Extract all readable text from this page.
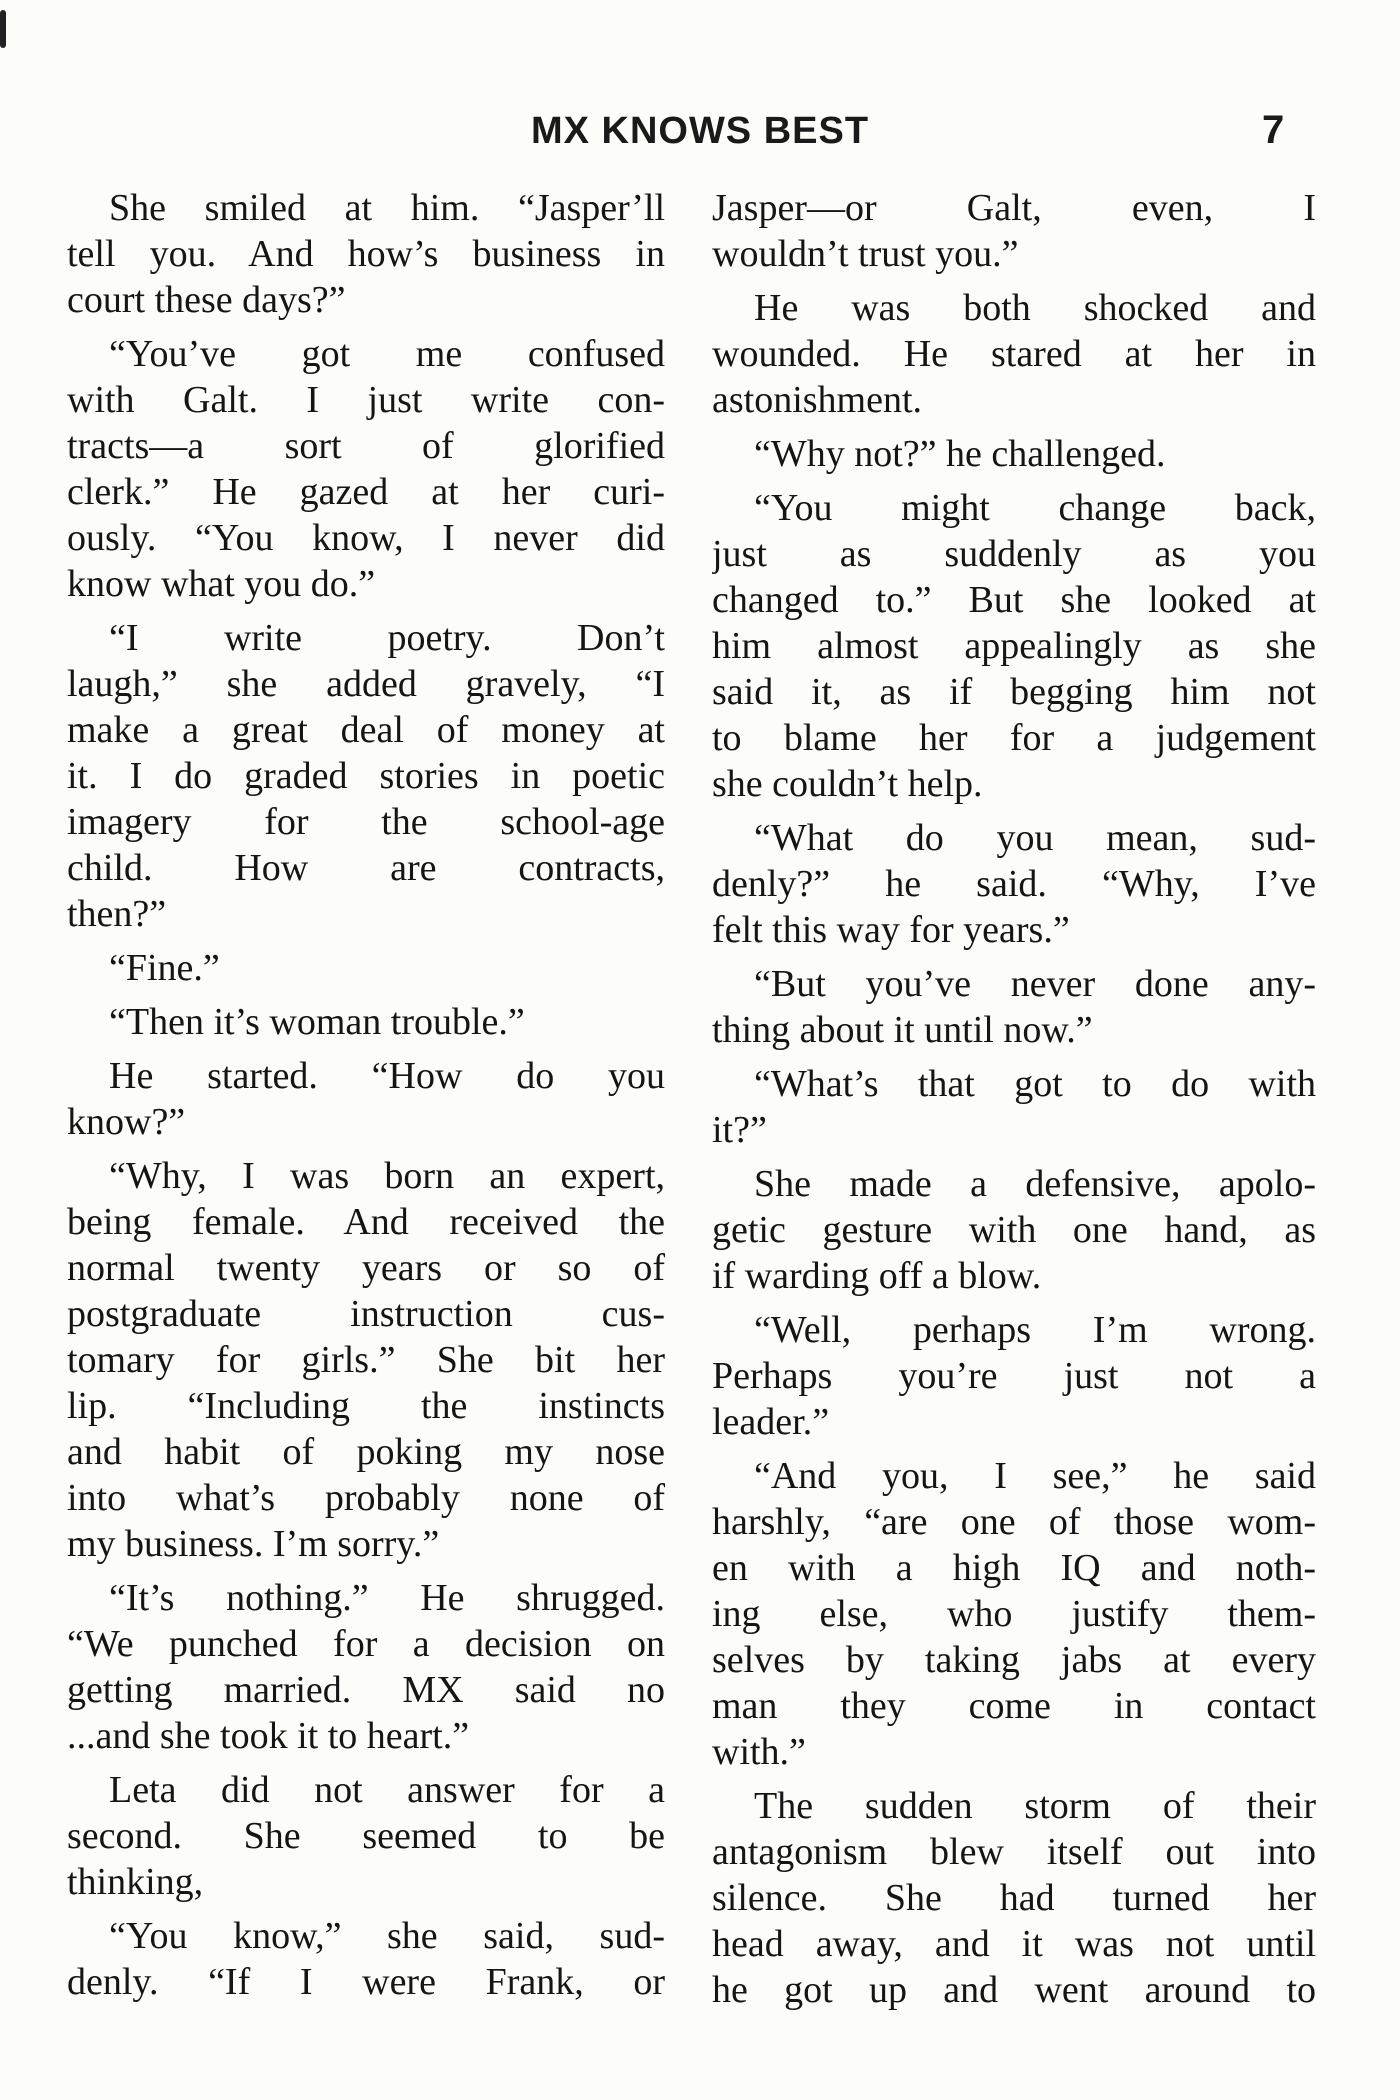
MX KNOWS BEST	7
She smiled at him. “Jasper’ll
tell you. And how’s business in
court these days?”
“You’ve got me confused
with Galt. I just write con-
tracts—a sort of glorified
clerk.” He gazed at her curi-
ously. “You know, I never did
know what you do.”
“I write poetry. Don’t
laugh,” she added gravely, “I
make a great deal of money at
it. I do graded stories in poetic
imagery for the school-age
child. How are contracts,
then?”
“Fine.”
“Then it’s woman trouble.”
He started. “How do you
know?”
“Why, I was born an expert,
being female. And received the
normal twenty years or so of
postgraduate instruction cus-
tomary for girls.” She bit her
lip. “Including the instincts
and habit of poking my nose
into what’s probably none of
my business. I’m sorry.”
“It’s nothing.” He shrugged.
“We punched for a decision on
getting married. MX said no
...and she took it to heart.”
Leta did not answer for a
second. She seemed to be
thinking,
“You know,” she said, sud-
denly. “If I were Frank, or
Jasper—or Galt, even, I
wouldn’t trust you.”
He was both shocked and
wounded. He stared at her in
astonishment.
“Why not?” he challenged.
“You might change back,
just as suddenly as you
changed to.” But she looked at
him almost appealingly as she
said it, as if begging him not
to blame her for a judgement
she couldn’t help.
“What do you mean, sud-
denly?” he said. “Why, I’ve
felt this way for years.”
“But you’ve never done any-
thing about it until now.”
“What’s that got to do with
it?”
She made a defensive, apolo-
getic gesture with one hand, as
if warding off a blow.
“Well, perhaps I’m wrong.
Perhaps you’re just not a
leader.”
“And you, I see,” he said
harshly, “are one of those wom-
en with a high IQ and noth-
ing else, who justify them-
selves by taking jabs at every
man they come in contact
with.”
The sudden storm of their
antagonism blew itself out into
silence. She had turned her
head away, and it was not until
he got up and went around to
